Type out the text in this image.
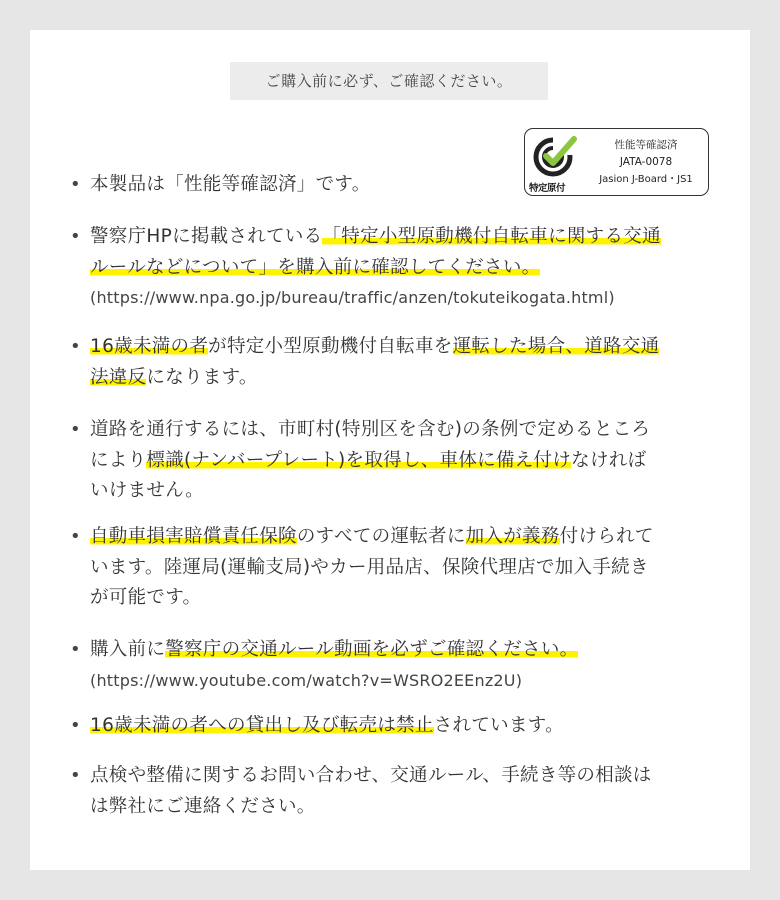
ご購入前に必ず、ご確認ください。
特定原付
性能等確認済
JATA-0078
Jasion J-Board・JS1
• 本製品は「性能等確認済」です。
• 警察庁HPに掲載されている「特定小型原動機付自転車に関する交通
ルールなどについて」を購入前に確認してください。
(https://www.npa.go.jp/bureau/traffic/anzen/tokuteikogata.html)
• 16歳未満の者が特定小型原動機付自転車を運転した場合、道路交通
法違反になります。
• 道路を通行するには、市町村(特別区を含む)の条例で定めるところ
により標識(ナンバープレート)を取得し、車体に備え付けなければ
いけません。
• 自動車損害賠償責任保険のすべての運転者に加入が義務付けられて
います。陸運局(運輸支局)やカー用品店、保険代理店で加入手続き
が可能です。
• 購入前に警察庁の交通ルール動画を必ずご確認ください。
(https://www.youtube.com/watch?v=WSRO2EEnz2U)
• 16歳未満の者への貸出し及び転売は禁止されています。
• 点検や整備に関するお問い合わせ、交通ルール、手続き等の相談は
は弊社にご連絡ください。
